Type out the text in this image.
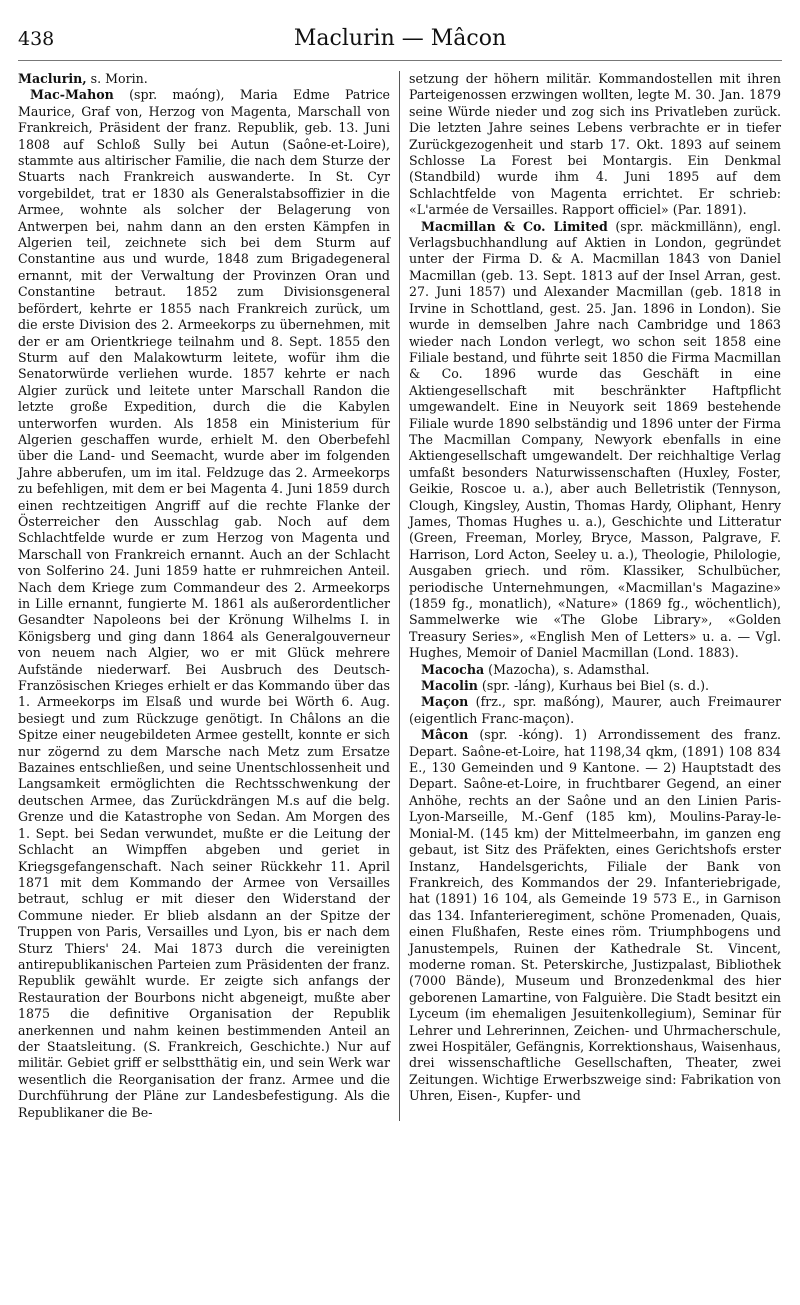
438	Maclurin — Mâcon

Maclurin, s. Morin.

Mac-Mahon (spr. maóng), Maria Edme Patrice Maurice, Graf von, Herzog von Magenta, Marschall von Frankreich, Präsident der franz. Republik, geb. 13. Juni 1808 auf Schloß Sully bei Autun (Saône-et-Loire), stammte aus altirischer Familie, die nach dem Sturze der Stuarts nach Frankreich auswanderte. In St. Cyr vorgebildet, trat er 1830 als Generalstabsoffizier in die Armee, wohnte als solcher der Belagerung von Antwerpen bei, nahm dann an den ersten Kämpfen in Algerien teil, zeichnete sich bei dem Sturm auf Constantine aus und wurde, 1848 zum Brigadegeneral ernannt, mit der Verwaltung der Provinzen Oran und Constantine betraut. 1852 zum Divisionsgeneral befördert, kehrte er 1855 nach Frankreich zurück, um die erste Division des 2. Armeekorps zu übernehmen, mit der er am Orientkriege teilnahm und 8. Sept. 1855 den Sturm auf den Malakowturm leitete, wofür ihm die Senatorwürde verliehen wurde. 1857 kehrte er nach Algier zurück und leitete unter Marschall Randon die letzte große Expedition, durch die die Kabylen unterworfen wurden. Als 1858 ein Ministerium für Algerien geschaffen wurde, erhielt M. den Oberbefehl über die Land- und Seemacht, wurde aber im folgenden Jahre abberufen, um im ital. Feldzuge das 2. Armeekorps zu befehligen, mit dem er bei Magenta 4. Juni 1859 durch einen rechtzeitigen Angriff auf die rechte Flanke der Österreicher den Ausschlag gab. Noch auf dem Schlachtfelde wurde er zum Herzog von Magenta und Marschall von Frankreich ernannt. Auch an der Schlacht von Solferino 24. Juni 1859 hatte er ruhmreichen Anteil. Nach dem Kriege zum Commandeur des 2. Armeekorps in Lille ernannt, fungierte M. 1861 als außerordentlicher Gesandter Napoleons bei der Krönung Wilhelms I. in Königsberg und ging dann 1864 als Generalgouverneur von neuem nach Algier, wo er mit Glück mehrere Aufstände niederwarf. Bei Ausbruch des Deutsch-Französischen Krieges erhielt er das Kommando über das 1. Armeekorps im Elsaß und wurde bei Wörth 6. Aug. besiegt und zum Rückzuge genötigt. In Châlons an die Spitze einer neugebildeten Armee gestellt, konnte er sich nur zögernd zu dem Marsche nach Metz zum Ersatze Bazaines entschließen, und seine Unentschlossenheit und Langsamkeit ermöglichten die Rechtsschwenkung der deutschen Armee, das Zurückdrängen M.s auf die belg. Grenze und die Katastrophe von Sedan. Am Morgen des 1. Sept. bei Sedan verwundet, mußte er die Leitung der Schlacht an Wimpffen abgeben und geriet in Kriegsgefangenschaft. Nach seiner Rückkehr 11. April 1871 mit dem Kommando der Armee von Versailles betraut, schlug er mit dieser den Widerstand der Commune nieder. Er blieb alsdann an der Spitze der Truppen von Paris, Versailles und Lyon, bis er nach dem Sturz Thiers' 24. Mai 1873 durch die vereinigten antirepublikanischen Parteien zum Präsidenten der franz. Republik gewählt wurde. Er zeigte sich anfangs der Restauration der Bourbons nicht abgeneigt, mußte aber 1875 die definitive Organisation der Republik anerkennen und nahm keinen bestimmenden Anteil an der Staatsleitung. (S. Frankreich, Geschichte.) Nur auf militär. Gebiet griff er selbstthätig ein, und sein Werk war wesentlich die Reorganisation der franz. Armee und die Durchführung der Pläne zur Landesbefestigung. Als die Republikaner die Be-

setzung der höhern militär. Kommandostellen mit ihren Parteigenossen erzwingen wollten, legte M. 30. Jan. 1879 seine Würde nieder und zog sich ins Privatleben zurück. Die letzten Jahre seines Lebens verbrachte er in tiefer Zurückgezogenheit und starb 17. Okt. 1893 auf seinem Schlosse La Forest bei Montargis. Ein Denkmal (Standbild) wurde ihm 4. Juni 1895 auf dem Schlachtfelde von Magenta errichtet. Er schrieb: «L'armée de Versailles. Rapport officiel» (Par. 1891).

Macmillan & Co. Limited (spr. mäckmillänn), engl. Verlagsbuchhandlung auf Aktien in London, gegründet unter der Firma D. & A. Macmillan 1843 von Daniel Macmillan (geb. 13. Sept. 1813 auf der Insel Arran, gest. 27. Juni 1857) und Alexander Macmillan (geb. 1818 in Irvine in Schottland, gest. 25. Jan. 1896 in London). Sie wurde in demselben Jahre nach Cambridge und 1863 wieder nach London verlegt, wo schon seit 1858 eine Filiale bestand, und führte seit 1850 die Firma Macmillan & Co. 1896 wurde das Geschäft in eine Aktiengesellschaft mit beschränkter Haftpflicht umgewandelt. Eine in Neuyork seit 1869 bestehende Filiale wurde 1890 selbständig und 1896 unter der Firma The Macmillan Company, Newyork ebenfalls in eine Aktiengesellschaft umgewandelt. Der reichhaltige Verlag umfaßt besonders Naturwissenschaften (Huxley, Foster, Geikie, Roscoe u. a.), aber auch Belletristik (Tennyson, Clough, Kingsley, Austin, Thomas Hardy, Oliphant, Henry James, Thomas Hughes u. a.), Geschichte und Litteratur (Green, Freeman, Morley, Bryce, Masson, Palgrave, F. Harrison, Lord Acton, Seeley u. a.), Theologie, Philologie, Ausgaben griech. und röm. Klassiker, Schulbücher, periodische Unternehmungen, «Macmillan's Magazine» (1859 fg., monatlich), «Nature» (1869 fg., wöchentlich), Sammelwerke wie «The Globe Library», «Golden Treasury Series», «English Men of Letters» u. a. — Vgl. Hughes, Memoir of Daniel Macmillan (Lond. 1883).

Macocha (Mazocha), s. Adamsthal.

Macolin (spr. -láng), Kurhaus bei Biel (s. d.).

Maçon (frz., spr. maßóng), Maurer, auch Freimaurer (eigentlich Franc-maçon).

Mâcon (spr. -kóng). 1) Arrondissement des franz. Depart. Saône-et-Loire, hat 1198,34 qkm, (1891) 108 834 E., 130 Gemeinden und 9 Kantone. — 2) Hauptstadt des Depart. Saône-et-Loire, in fruchtbarer Gegend, an einer Anhöhe, rechts an der Saône und an den Linien Paris-Lyon-Marseille, M.-Genf (185 km), Moulins-Paray-le-Monial-M. (145 km) der Mittelmeerbahn, im ganzen eng gebaut, ist Sitz des Präfekten, eines Gerichtshofs erster Instanz, Handelsgerichts, Filiale der Bank von Frankreich, des Kommandos der 29. Infanteriebrigade, hat (1891) 16 104, als Gemeinde 19 573 E., in Garnison das 134. Infanterieregiment, schöne Promenaden, Quais, einen Flußhafen, Reste eines röm. Triumphbogens und Janustempels, Ruinen der Kathedrale St. Vincent, moderne roman. St. Peterskirche, Justizpalast, Bibliothek (7000 Bände), Museum und Bronzedenkmal des hier geborenen Lamartine, von Falguière. Die Stadt besitzt ein Lyceum (im ehemaligen Jesuitenkollegium), Seminar für Lehrer und Lehrerinnen, Zeichen- und Uhrmacherschule, zwei Hospitäler, Gefängnis, Korrektionshaus, Waisenhaus, drei wissenschaftliche Gesellschaften, Theater, zwei Zeitungen. Wichtige Erwerbszweige sind: Fabrikation von Uhren, Eisen-, Kupfer- und
